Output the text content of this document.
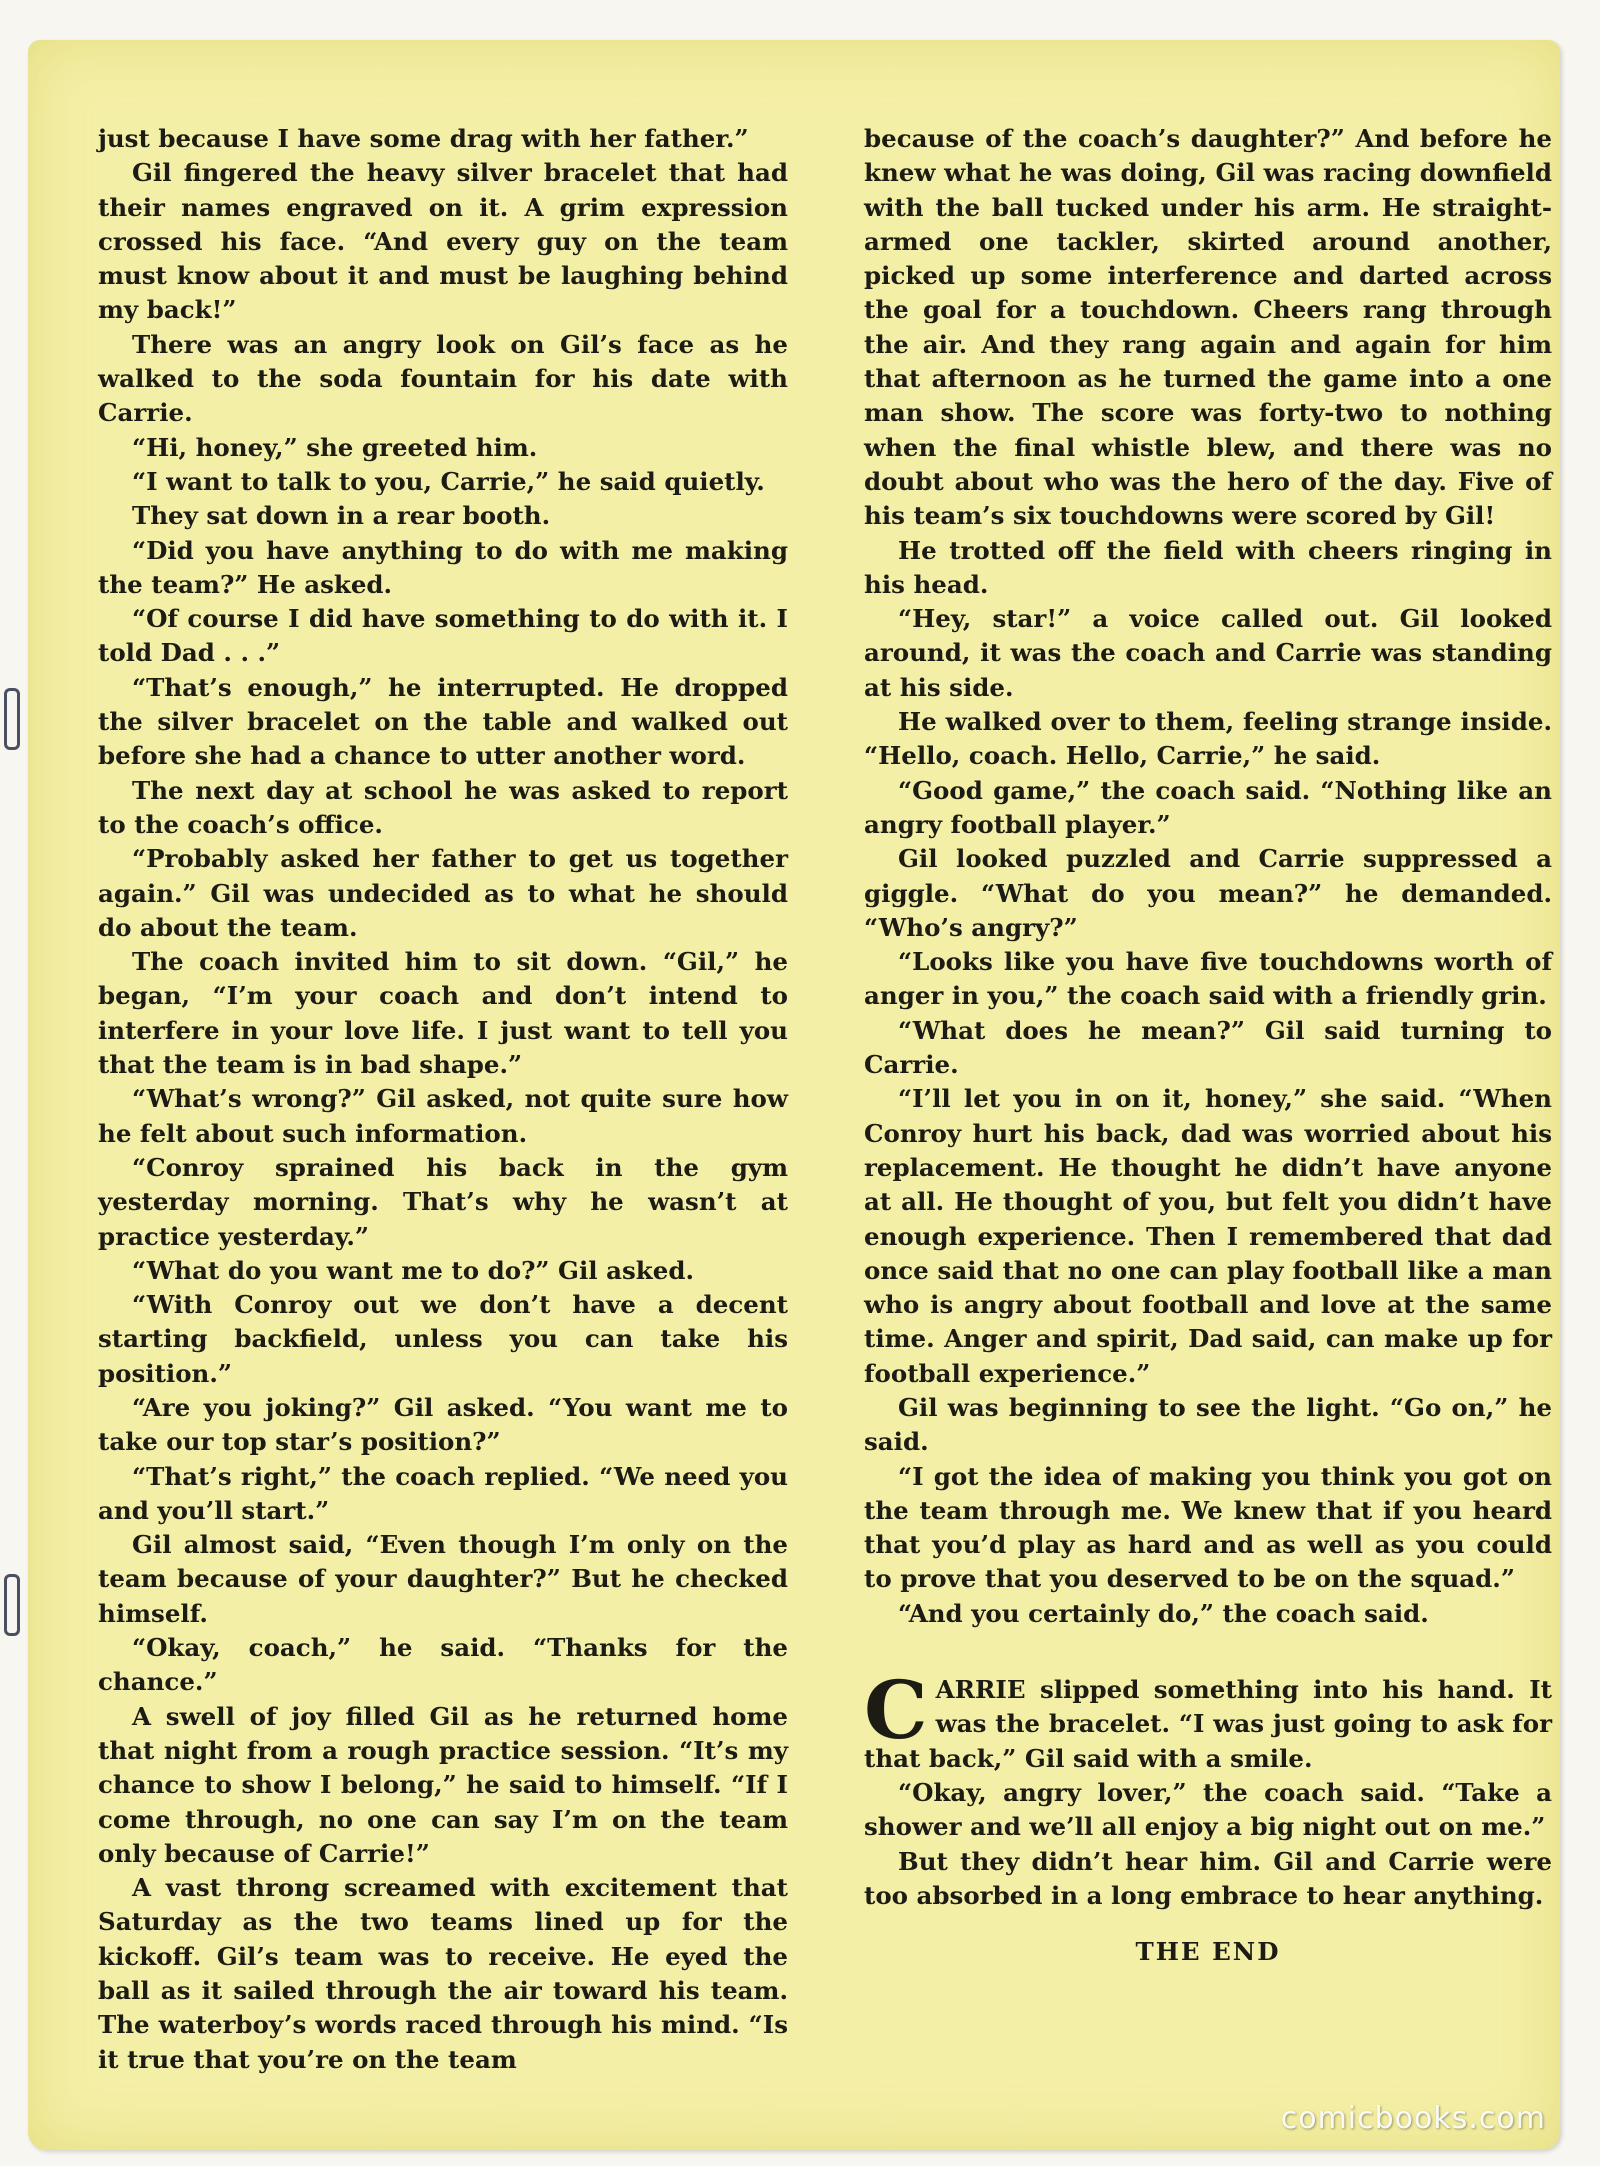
just because I have some drag with her father.”

Gil fingered the heavy silver bracelet that had their names engraved on it. A grim expression crossed his face. “And every guy on the team must know about it and must be laughing behind my back!”

There was an angry look on Gil’s face as he walked to the soda fountain for his date with Carrie.

“Hi, honey,” she greeted him.

“I want to talk to you, Carrie,” he said quietly.

They sat down in a rear booth.

“Did you have anything to do with me making the team?” He asked.

“Of course I did have something to do with it. I told Dad . . .”

“That’s enough,” he interrupted. He dropped the silver bracelet on the table and walked out before she had a chance to utter another word.

The next day at school he was asked to report to the coach’s office.

“Probably asked her father to get us together again.” Gil was undecided as to what he should do about the team.

The coach invited him to sit down. “Gil,” he began, “I’m your coach and don’t intend to interfere in your love life. I just want to tell you that the team is in bad shape.”

“What’s wrong?” Gil asked, not quite sure how he felt about such information.

“Conroy sprained his back in the gym yesterday morning. That’s why he wasn’t at practice yesterday.”

“What do you want me to do?” Gil asked.

“With Conroy out we don’t have a decent starting backfield, unless you can take his position.”

“Are you joking?” Gil asked. “You want me to take our top star’s position?”

“That’s right,” the coach replied. “We need you and you’ll start.”

Gil almost said, “Even though I’m only on the team because of your daughter?” But he checked himself.

“Okay, coach,” he said. “Thanks for the chance.”

A swell of joy filled Gil as he returned home that night from a rough practice session. “It’s my chance to show I belong,” he said to himself. “If I come through, no one can say I’m on the team only because of Carrie!”

A vast throng screamed with excitement that Saturday as the two teams lined up for the kickoff. Gil’s team was to receive. He eyed the ball as it sailed through the air toward his team. The waterboy’s words raced through his mind. “Is it true that you’re on the team

because of the coach’s daughter?” And before he knew what he was doing, Gil was racing downfield with the ball tucked under his arm. He straight-armed one tackler, skirted around another, picked up some interference and darted across the goal for a touchdown. Cheers rang through the air. And they rang again and again for him that afternoon as he turned the game into a one man show. The score was forty-two to nothing when the final whistle blew, and there was no doubt about who was the hero of the day. Five of his team’s six touchdowns were scored by Gil!

He trotted off the field with cheers ringing in his head.

“Hey, star!” a voice called out. Gil looked around, it was the coach and Carrie was standing at his side.

He walked over to them, feeling strange inside. “Hello, coach. Hello, Carrie,” he said.

“Good game,” the coach said. “Nothing like an angry football player.”

Gil looked puzzled and Carrie suppressed a giggle. “What do you mean?” he demanded. “Who’s angry?”

“Looks like you have five touchdowns worth of anger in you,” the coach said with a friendly grin.

“What does he mean?” Gil said turning to Carrie.

“I’ll let you in on it, honey,” she said. “When Conroy hurt his back, dad was worried about his replacement. He thought he didn’t have anyone at all. He thought of you, but felt you didn’t have enough experience. Then I remembered that dad once said that no one can play football like a man who is angry about football and love at the same time. Anger and spirit, Dad said, can make up for football experience.”

Gil was beginning to see the light. “Go on,” he said.

“I got the idea of making you think you got on the team through me. We knew that if you heard that you’d play as hard and as well as you could to prove that you deserved to be on the squad.”

“And you certainly do,” the coach said.

CARRIE slipped something into his hand. It was the bracelet. “I was just going to ask for that back,” Gil said with a smile.

“Okay, angry lover,” the coach said. “Take a shower and we’ll all enjoy a big night out on me.”

But they didn’t hear him. Gil and Carrie were too absorbed in a long embrace to hear anything.

THE END

comicbooks.com
